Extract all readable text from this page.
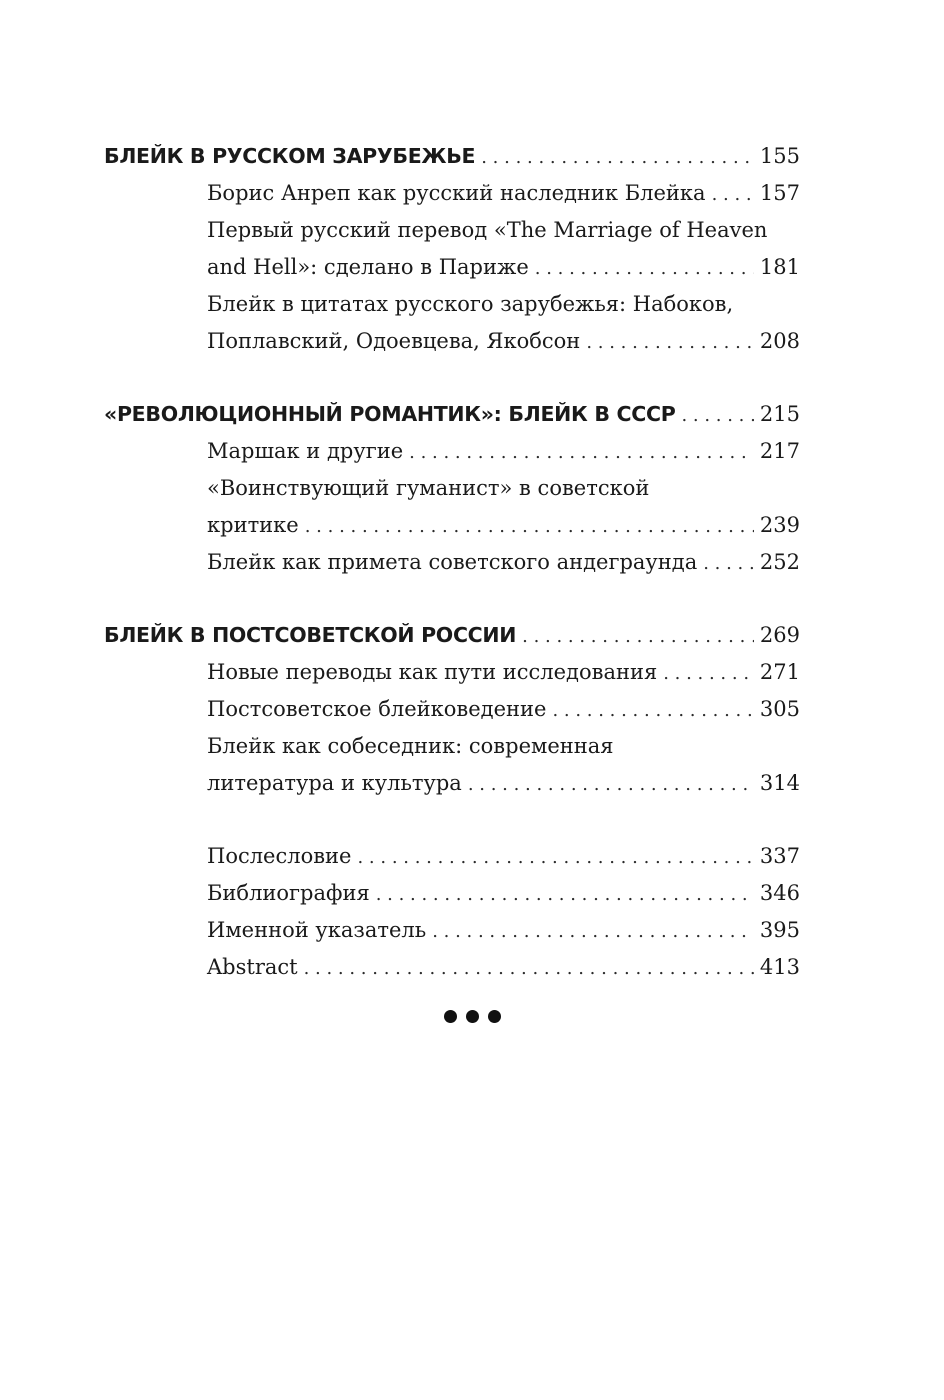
БЛЕЙК В РУССКОМ ЗАРУБЕЖЬЕ . . .	155
Борис Анреп как русский наследник Блейка . . .	157
Первый русский перевод «The Marriage of Heaven
and Hell»: сделано в Париже . . .	181
Блейк в цитатах русского зарубежья: Набоков,
Поплавский, Одоевцева, Якобсон . . .	208
«РЕВОЛЮЦИОННЫЙ РОМАНТИК»: БЛЕЙК В СССР . . .	215
Маршак и другие . . .	217
«Воинствующий гуманист» в советской
критике . . .	239
Блейк как примета советского андеграунда . . .	252
БЛЕЙК В ПОСТСОВЕТСКОЙ РОССИИ . . .	269
Новые переводы как пути исследования . . .	271
Постсоветское блейковедение . . .	305
Блейк как собеседник: современная
литература и культура . . .	314
Послесловие . . .	337
Библиография . . .	346
Именной указатель . . .	395
Abstract . . .	413
